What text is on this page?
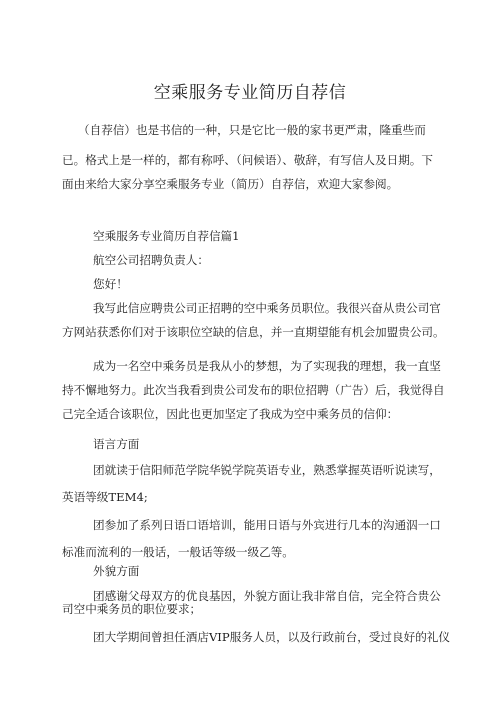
空乘服务专业简历自荐信

（自荐信）也是书信的一种，只是它比一般的家书更严肃，隆重些而

已。格式上是一样的，都有称呼、（问候语）、敬辞，有写信人及日期。下

面由来给大家分享空乘服务专业（简历）自荐信，欢迎大家参阅。

空乘服务专业简历自荐信篇1

航空公司招聘负责人：

您好！

我写此信应聘贵公司正招聘的空中乘务员职位。我很兴奋从贵公司官

方网站获悉你们对于该职位空缺的信息，并一直期望能有机会加盟贵公司。

成为一名空中乘务员是我从小的梦想，为了实现我的理想，我一直坚

持不懈地努力。此次当我看到贵公司发布的职位招聘（广告）后，我觉得自

己完全适合该职位，因此也更加坚定了我成为空中乘务员的信仰：

语言方面

团就读于信阳师范学院华锐学院英语专业，熟悉掌握英语听说读写，

英语等级TEM4;

团参加了系列日语口语培训，能用日语与外宾进行几本的沟通泅一口

标准而流利的一般话，一般话等级一级乙等。

外貌方面

团感谢父母双方的优良基因，外貌方面让我非常自信，完全符合贵公

司空中乘务员的职位要求；

团大学期间曾担任酒店VIP服务人员，以及行政前台，受过良好的礼仪
